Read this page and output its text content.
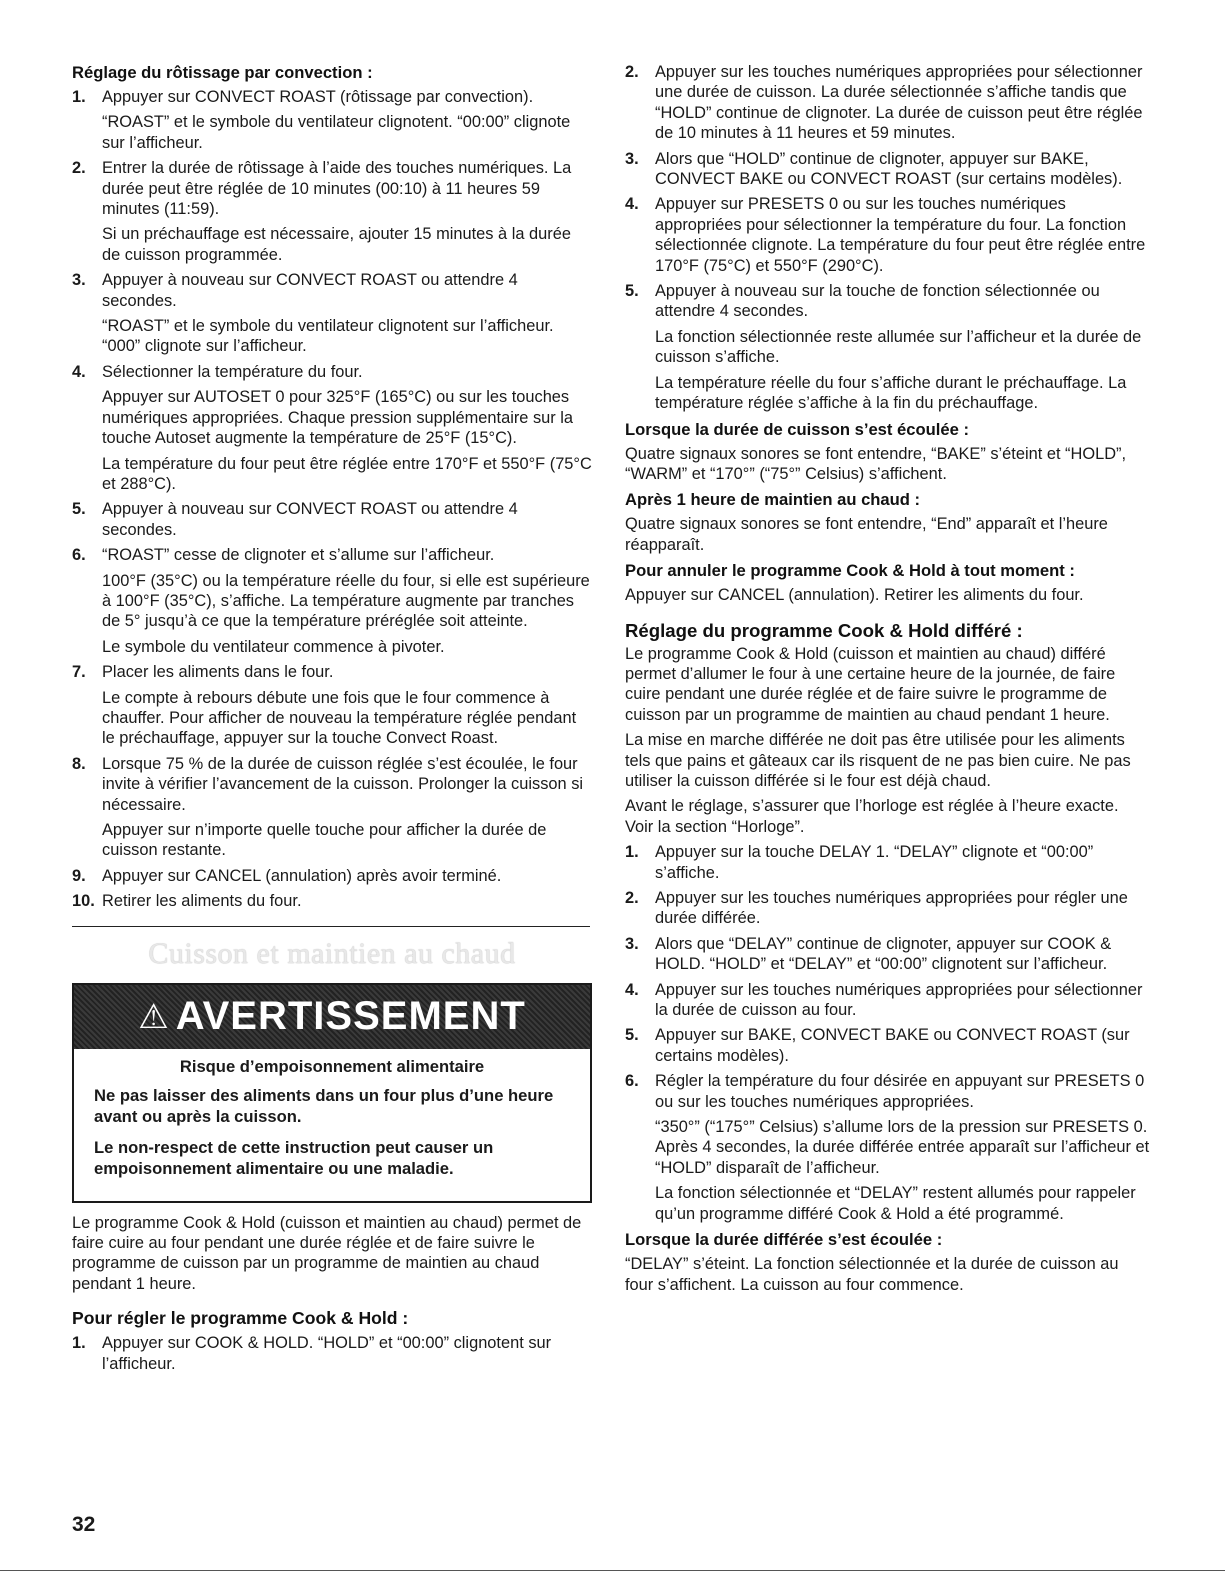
Réglage du rôtissage par convection :
1. Appuyer sur CONVECT ROAST (rôtissage par convection).
“ROAST” et le symbole du ventilateur clignotent. “00:00” clignote sur l’afficheur.
2. Entrer la durée de rôtissage à l’aide des touches numériques. La durée peut être réglée de 10 minutes (00:10) à 11 heures 59 minutes (11:59).
Si un préchauffage est nécessaire, ajouter 15 minutes à la durée de cuisson programmée.
3. Appuyer à nouveau sur CONVECT ROAST ou attendre 4 secondes.
“ROAST” et le symbole du ventilateur clignotent sur l’afficheur. “000” clignote sur l’afficheur.
4. Sélectionner la température du four.
Appuyer sur AUTOSET 0 pour 325°F (165°C) ou sur les touches numériques appropriées. Chaque pression supplémentaire sur la touche Autoset augmente la température de 25°F (15°C).
La température du four peut être réglée entre 170°F et 550°F (75°C et 288°C).
5. Appuyer à nouveau sur CONVECT ROAST ou attendre 4 secondes.
6. “ROAST” cesse de clignoter et s’allume sur l’afficheur.
100°F (35°C) ou la température réelle du four, si elle est supérieure à 100°F (35°C), s’affiche. La température augmente par tranches de 5° jusqu’à ce que la température préréglée soit atteinte.
Le symbole du ventilateur commence à pivoter.
7. Placer les aliments dans le four.
Le compte à rebours débute une fois que le four commence à chauffer. Pour afficher de nouveau la température réglée pendant le préchauffage, appuyer sur la touche Convect Roast.
8. Lorsque 75 % de la durée de cuisson réglée s’est écoulée, le four invite à vérifier l’avancement de la cuisson. Prolonger la cuisson si nécessaire.
Appuyer sur n’importe quelle touche pour afficher la durée de cuisson restante.
9. Appuyer sur CANCEL (annulation) après avoir terminé.
10. Retirer les aliments du four.
Cuisson et maintien au chaud
⚠ AVERTISSEMENT
Risque d’empoisonnement alimentaire
Ne pas laisser des aliments dans un four plus d’une heure avant ou après la cuisson.
Le non-respect de cette instruction peut causer un empoisonnement alimentaire ou une maladie.
Le programme Cook & Hold (cuisson et maintien au chaud) permet de faire cuire au four pendant une durée réglée et de faire suivre le programme de cuisson par un programme de maintien au chaud pendant 1 heure.
Pour régler le programme Cook & Hold :
1. Appuyer sur COOK & HOLD. “HOLD” et “00:00” clignotent sur l’afficheur.
2. Appuyer sur les touches numériques appropriées pour sélectionner une durée de cuisson. La durée sélectionnée s’affiche tandis que “HOLD” continue de clignoter. La durée de cuisson peut être réglée de 10 minutes à 11 heures et 59 minutes.
3. Alors que “HOLD” continue de clignoter, appuyer sur BAKE, CONVECT BAKE ou CONVECT ROAST (sur certains modèles).
4. Appuyer sur PRESETS 0 ou sur les touches numériques appropriées pour sélectionner la température du four. La fonction sélectionnée clignote. La température du four peut être réglée entre 170°F (75°C) et 550°F (290°C).
5. Appuyer à nouveau sur la touche de fonction sélectionnée ou attendre 4 secondes.
La fonction sélectionnée reste allumée sur l’afficheur et la durée de cuisson s’affiche.
La température réelle du four s’affiche durant le préchauffage. La température réglée s’affiche à la fin du préchauffage.
Lorsque la durée de cuisson s’est écoulée :
Quatre signaux sonores se font entendre, “BAKE” s’éteint et “HOLD”, “WARM” et “170°” (“75°” Celsius) s’affichent.
Après 1 heure de maintien au chaud :
Quatre signaux sonores se font entendre, “End” apparaît et l’heure réapparaît.
Pour annuler le programme Cook & Hold à tout moment :
Appuyer sur CANCEL (annulation). Retirer les aliments du four.
Réglage du programme Cook & Hold différé :
Le programme Cook & Hold (cuisson et maintien au chaud) différé permet d’allumer le four à une certaine heure de la journée, de faire cuire pendant une durée réglée et de faire suivre le programme de cuisson par un programme de maintien au chaud pendant 1 heure.
La mise en marche différée ne doit pas être utilisée pour les aliments tels que pains et gâteaux car ils risquent de ne pas bien cuire. Ne pas utiliser la cuisson différée si le four est déjà chaud.
Avant le réglage, s’assurer que l’horloge est réglée à l’heure exacte. Voir la section “Horloge”.
1. Appuyer sur la touche DELAY 1. “DELAY” clignote et “00:00” s’affiche.
2. Appuyer sur les touches numériques appropriées pour régler une durée différée.
3. Alors que “DELAY” continue de clignoter, appuyer sur COOK & HOLD. “HOLD” et “DELAY” et “00:00” clignotent sur l’afficheur.
4. Appuyer sur les touches numériques appropriées pour sélectionner la durée de cuisson au four.
5. Appuyer sur BAKE, CONVECT BAKE ou CONVECT ROAST (sur certains modèles).
6. Régler la température du four désirée en appuyant sur PRESETS 0 ou sur les touches numériques appropriées.
“350°” (“175°” Celsius) s’allume lors de la pression sur PRESETS 0. Après 4 secondes, la durée différée entrée apparaît sur l’afficheur et “HOLD” disparaît de l’afficheur.
La fonction sélectionnée et “DELAY” restent allumés pour rappeler qu’un programme différé Cook & Hold a été programmé.
Lorsque la durée différée s’est écoulée :
“DELAY” s’éteint. La fonction sélectionnée et la durée de cuisson au four s’affichent. La cuisson au four commence.
32
